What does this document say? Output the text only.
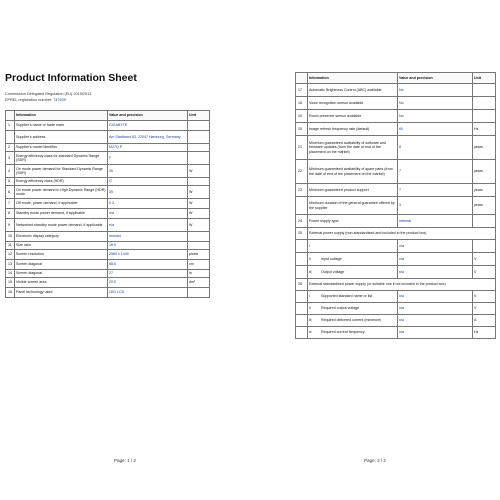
Product Information Sheet
Commission Delegated Regulation (EU) 2019/2013
EPREL registration number: 747639
	Information	Value and precision	Unit
1	Supplier's name or trade mark	GIGABYTE	
	Supplier's address	Am Stadtrand 63, 22047 Hamburg, Germany	
2	Supplier's model identifier	M27Q P	
3	Energy efficiency class for standard Dynamic Range (SDR)	F	
4	On mode power demand for Standard Dynamic Range (SDR)	26	W
5	Energy efficiency class (HDR)	G	
6	On mode power demand in High Dynamic Range (HDR) mode	35	W
7	Off mode, power demand, if applicable	0.3	W
8	Standby mode power demand, if applicable	n/a	W
9	Networked standby mode power demand, if applicable	n/a	W
10	Electronic display category	monitor	
11	Size ratio	16:9	
12	Screen resolution	2560 x 1440	pixels
13	Screen diagonal	68.6	cm
14	Screen diagonal	27	in
15	Visible screen area	20.0	dm²
16	Panel technology used	LED LCD	
Page: 1 / 2
	Information	Value and precision	Unit
17	Automatic Brightness Control (ABC) available	No	
18	Voice recognition sensor available	No	
19	Room presence sensor available	No	
20	Image refresh frequency rate (default)	60	Hz
21	Minimum guaranteed availability of software and firmware updates (from the date of end of the placement on the market)	8	years
22	Minimum guaranteed availability of spare parts (from the date of end of the placement on the market)	7	years
23	Minimum guaranteed product support	7	years
	Minimum duration of the general guarantee offered by the supplier	3	years
24	Power supply type:	Internal	
25	External power supply (non-standardised and included in the product box)		
	i	n/a	
	ii Input voltage	n/a	V
	iii Output voltage	n/a	V
26	External standardised power supply (or suitable one if not included in the product box)		
	i Supported standard name or list	n/a	V
	ii Required output voltage	n/a	V
	iii Required delivered current (minimum)	n/a	A
	iv Required current frequency	n/a	Hz
Page: 2 / 2
